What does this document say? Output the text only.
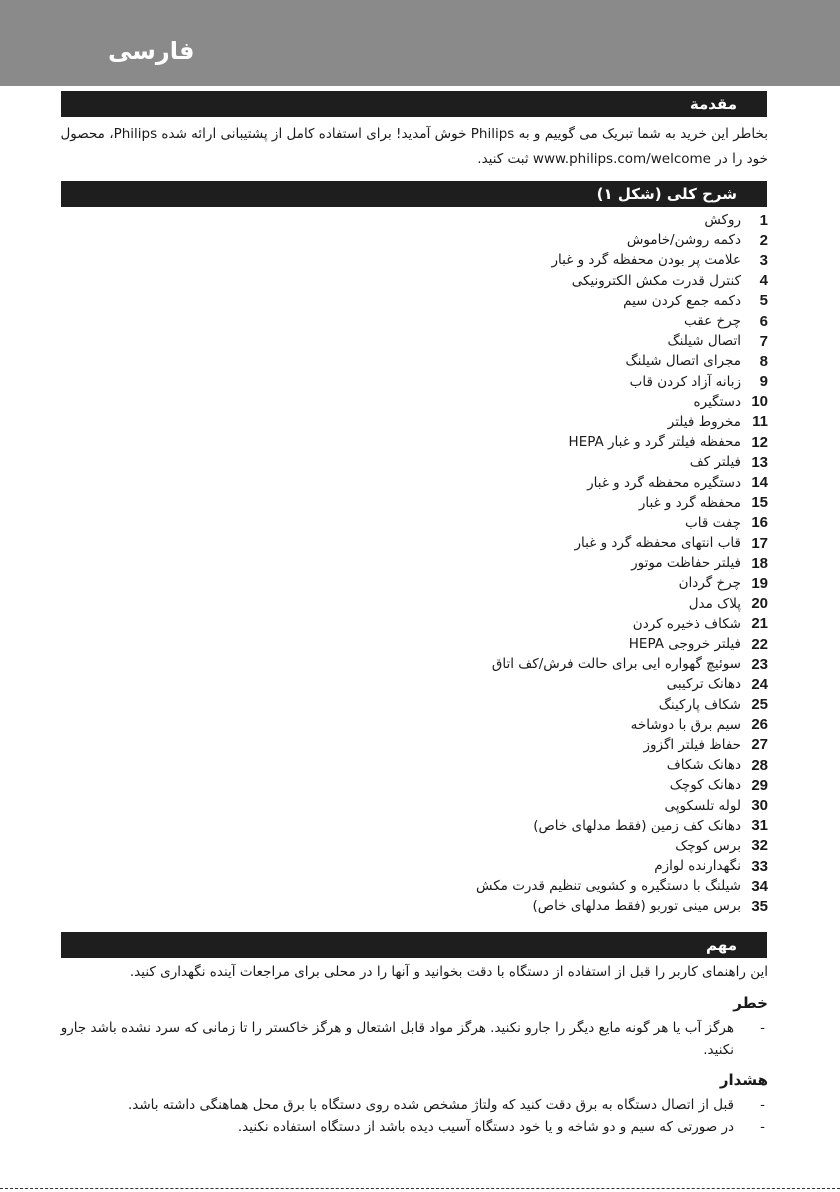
فارسی
مقدمة

بخاطر این خرید به شما تبریک می گوییم و به Philips خوش آمدید! برای استفاده کامل از پشتیبانی ارائه شده Philips، محصول خود را در www.philips.com/welcome ثبت کنید.

شرح کلی (شکل ۱)
1
روکش
2
دکمه روشن/خاموش
3
علامت پر بودن محفظه گرد و غبار
4
کنترل قدرت مکش الکترونیکی
5
دکمه جمع کردن سیم
6
چرخ عقب
7
اتصال شیلنگ
8
مجرای اتصال شیلنگ
9
زبانه آزاد کردن قاب
10
دستگیره
11
مخروط فیلتر
12
محفظه فیلتر گرد و غبار HEPA
13
فیلتر کف
14
دستگیره محفظه گرد و غبار
15
محفظه گرد و غبار
16
چفت قاب
17
قاب انتهای محفظه گرد و غبار
18
فیلتر حفاظت موتور
19
چرخ گردان
20
پلاک مدل
21
شکاف ذخیره کردن
22
فیلتر خروجی HEPA
23
سوئیچ گهواره ایی برای حالت فرش/کف اتاق
24
دهانک ترکیبی
25
شکاف پارکینگ
26
سیم برق با دوشاخه
27
حفاظ فیلتر اگزوز
28
دهانک شکاف
29
دهانک کوچک
30
لوله تلسکوپی
31
دهانک کف زمین (فقط مدلهای خاص)
32
برس کوچک
33
نگهدارنده لوازم
34
شیلنگ با دستگیره و کشویی تنظیم قدرت مکش
35
برس مینی توربو (فقط مدلهای خاص)
مهم

این راهنمای کاربر را قبل از استفاده از دستگاه با دقت بخوانید و آنها را در محلی برای مراجعات آینده نگهداری کنید.

خطر
-
هرگز آب یا هر گونه مایع دیگر را جارو نکنید. هرگز مواد قابل اشتعال و هرگز خاکستر را تا زمانی که سرد نشده باشد جارو نکنید.
هشدار
-
قبل از اتصال دستگاه به برق دقت کنید که ولتاژ مشخص شده روی دستگاه با برق محل هماهنگی داشته باشد.
-
در صورتی که سیم و دو شاخه و یا خود دستگاه آسیب دیده باشد از دستگاه استفاده نکنید.
